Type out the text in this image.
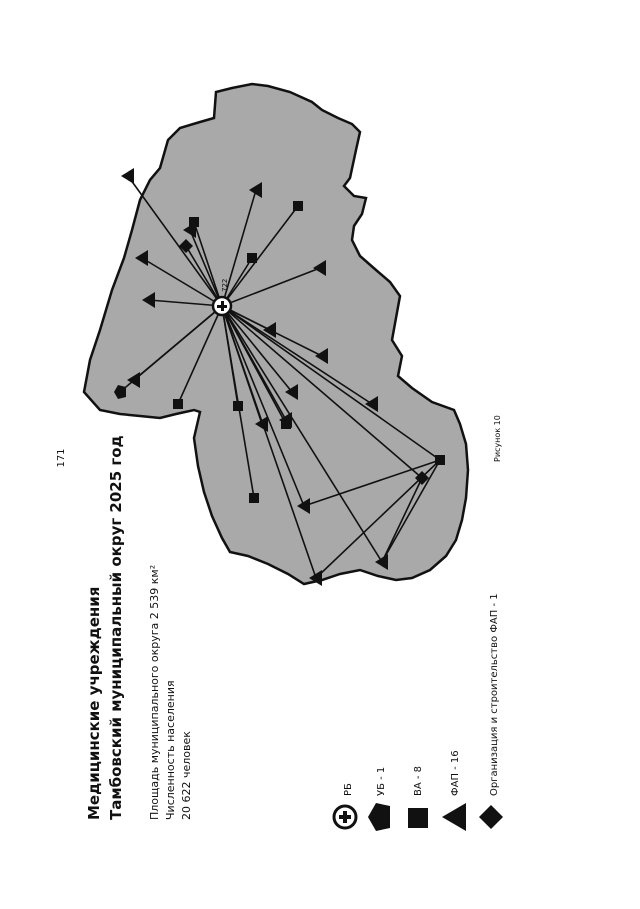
171
Медицинские учреждения Тамбовский муниципальный округ 2025 год Площадь муниципального округа 2 539 км² Численность населения 20 622 человек	РБ УБ - 1	ВА - 8	ФАП - 16	Организация и строительство ФАП - 1
722
Рисунок 10
